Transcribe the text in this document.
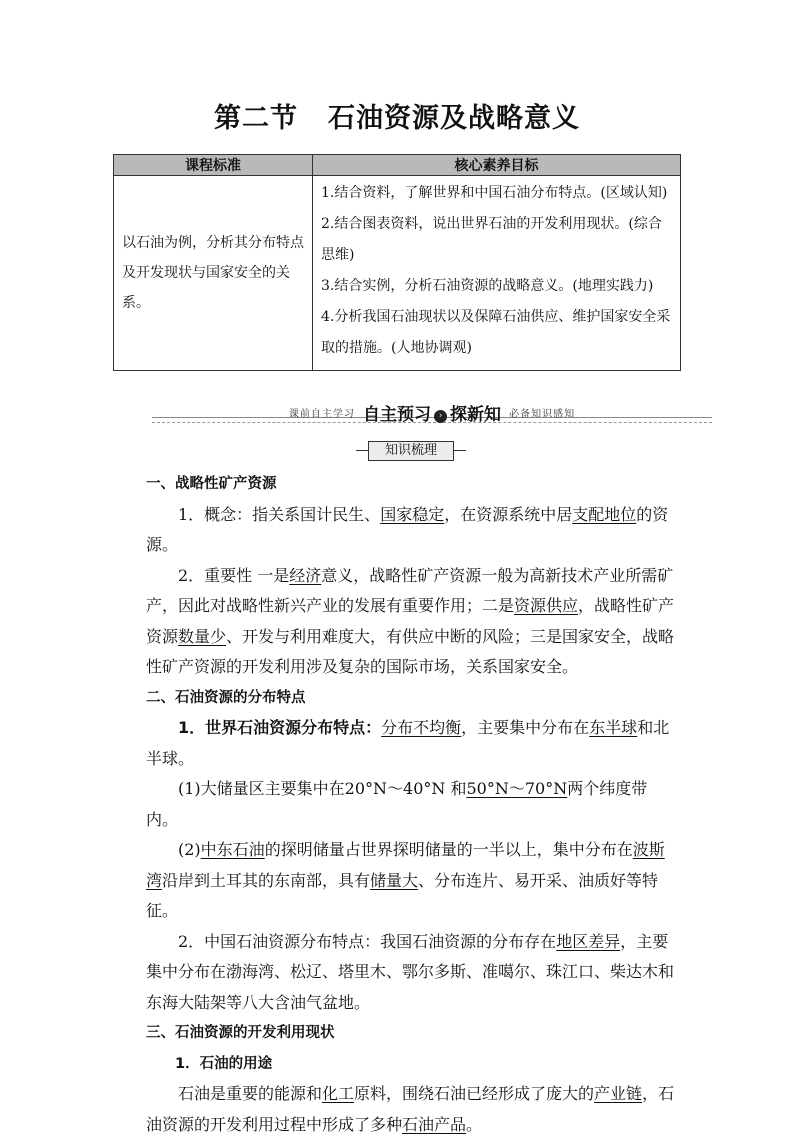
第二节 石油资源及战略意义
课程标准	核心素养目标
以石油为例，分析其分布特点及开发现状与国家安全的关系。	1.结合资料，了解世界和中国石油分布特点。(区域认知)
2.结合图表资料，说出世界石油的开发利用现状。(综合思维)
3.结合实例，分析石油资源的战略意义。(地理实践力)
4.分析我国石油现状以及保障石油供应、维护国家安全采取的措施。(人地协调观)
课前自主学习 自主预习 › 探新知 必备知识感知
知识梳理

一、战略性矿产资源

1．概念：指关系国计民生、国家稳定，在资源系统中居支配地位的资源。

2．重要性 一是经济意义，战略性矿产资源一般为高新技术产业所需矿产，因此对战略性新兴产业的发展有重要作用；二是资源供应，战略性矿产资源数量少、开发与利用难度大，有供应中断的风险；三是国家安全，战略性矿产资源的开发利用涉及复杂的国际市场，关系国家安全。

二、石油资源的分布特点

1．世界石油资源分布特点：分布不均衡，主要集中分布在东半球和北半球。

(1)大储量区主要集中在20°N～40°N 和50°N～70°N两个纬度带内。

(2)中东石油的探明储量占世界探明储量的一半以上，集中分布在波斯湾沿岸到土耳其的东南部，具有储量大、分布连片、易开采、油质好等特征。

2．中国石油资源分布特点：我国石油资源的分布存在地区差异，主要集中分布在渤海湾、松辽、塔里木、鄂尔多斯、准噶尔、珠江口、柴达木和东海大陆架等八大含油气盆地。

三、石油资源的开发利用现状

1．石油的用途

石油是重要的能源和化工原料，围绕石油已经形成了庞大的产业链，石油资源的开发利用过程中形成了多种石油产品。
